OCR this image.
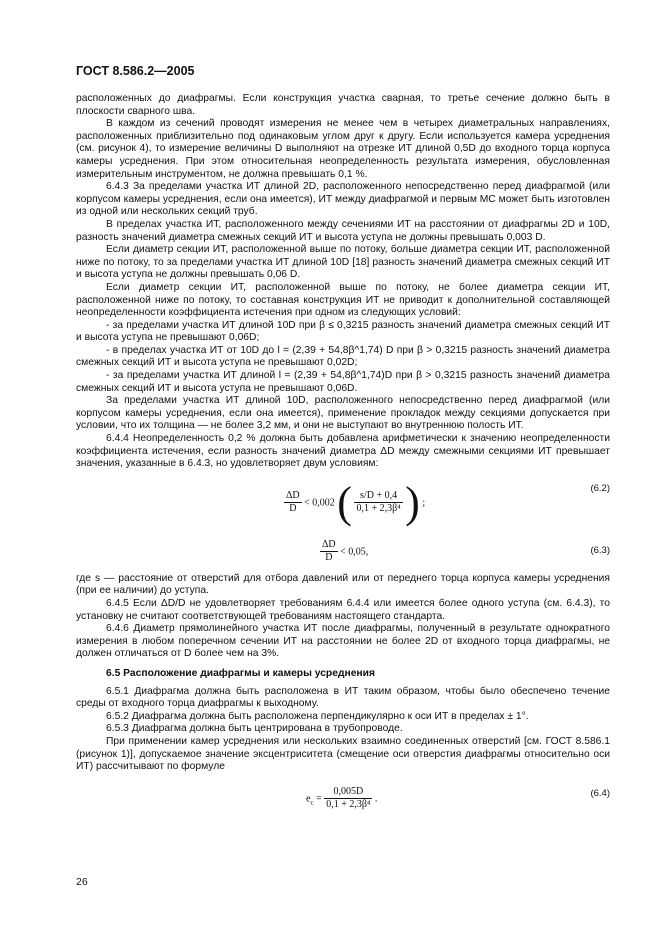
ГОСТ 8.586.2—2005

расположенных до диафрагмы. Если конструкция участка сварная, то третье сечение должно быть в плоскости сварного шва.

В каждом из сечений проводят измерения не менее чем в четырех диаметральных направлениях, расположенных приблизительно под одинаковым углом друг к другу. Если используется камера усреднения (см. рисунок 4), то измерение величины D выполняют на отрезке ИТ длиной 0,5D до входного торца корпуса камеры усреднения. При этом относительная неопределенность результата измерения, обусловленная измерительным инструментом, не должна превышать 0,1 %.

6.4.3 За пределами участка ИТ длиной 2D, расположенного непосредственно перед диафрагмой (или корпусом камеры усреднения, если она имеется), ИТ между диафрагмой и первым МС может быть изготовлен из одной или нескольких секций труб.

В пределах участка ИТ, расположенного между сечениями ИТ на расстоянии от диафрагмы 2D и 10D, разность значений диаметра смежных секций ИТ и высота уступа не должны превышать 0,003 D.

Если диаметр секции ИТ, расположенной выше по потоку, больше диаметра секции ИТ, расположенной ниже по потоку, то за пределами участка ИТ длиной 10D [18] разность значений диаметра смежных секций ИТ и высота уступа не должны превышать 0,06 D.

Если диаметр секции ИТ, расположенной выше по потоку, не более диаметра секции ИТ, расположенной ниже по потоку, то составная конструкция ИТ не приводит к дополнительной составляющей неопределенности коэффициента истечения при одном из следующих условий:

- за пределами участка ИТ длиной 10D при β ≤ 0,3215 разность значений диаметра смежных секций ИТ и высота уступа не превышают 0,06D;

- в пределах участка ИТ от 10D до l = (2,39 + 54,8β^1,74) D при β > 0,3215 разность значений диаметра смежных секций ИТ и высота уступа не превышают 0,02D;

- за пределами участка ИТ длиной l = (2,39 + 54,8β^1,74)D при β > 0,3215 разность значений диаметра смежных секций ИТ и высота уступа не превышают 0,06D.

За пределами участка ИТ длиной 10D, расположенного непосредственно перед диафрагмой (или корпусом камеры усреднения, если она имеется), применение прокладок между секциями допускается при условии, что их толщина — не более 3,2 мм, и они не выступают во внутреннюю полость ИТ.

6.4.4 Неопределенность 0,2 % должна быть добавлена арифметически к значению неопределенности коэффициента истечения, если разность значений диаметра ΔD между смежными секциями ИТ превышает значения, указанные в 6.4.3, но удовлетворяет двум условиям:

$\frac{\Delta D}{D} < 0,002$ ( $\frac{s/D + 0,4}{\text{0,1 + 2,3β⁴}}$ ) ;
(6.2)
$\frac{\Delta D}{D} < 0,05$,	(6.3)

где s — расстояние от отверстий для отбора давлений или от переднего торца корпуса камеры усреднения (при ее наличии) до уступа.

6.4.5 Если ΔD/D не удовлетворяет требованиям 6.4.4 или имеется более одного уступа (см. 6.4.3), то установку не считают соответствующей требованиям настоящего стандарта.

6.4.6 Диаметр прямолинейного участка ИТ после диафрагмы, полученный в результате однократного измерения в любом поперечном сечении ИТ на расстоянии не более 2D от входного торца диафрагмы, не должен отличаться от D более чем на 3%.

6.5 Расположение диафрагмы и камеры усреднения

6.5.1 Диафрагма должна быть расположена в ИТ таким образом, чтобы было обеспечено течение среды от входного торца диафрагмы к выходному.

6.5.2 Диафрагма должна быть расположена перпендикулярно к оси ИТ в пределах ± 1°.

6.5.3 Диафрагма должна быть центрирована в трубопроводе.

При применении камер усреднения или нескольких взаимно соединенных отверстий [см. ГОСТ 8.586.1 (рисунок 1)], допускаемое значение эксцентриситета (смещение оси отверстия диафрагмы относительно оси ИТ) рассчитывают по формуле

$e_c = \frac{0,005D}{\text{0,1 + 2,3β⁴}}$ .	(6.4)
26
